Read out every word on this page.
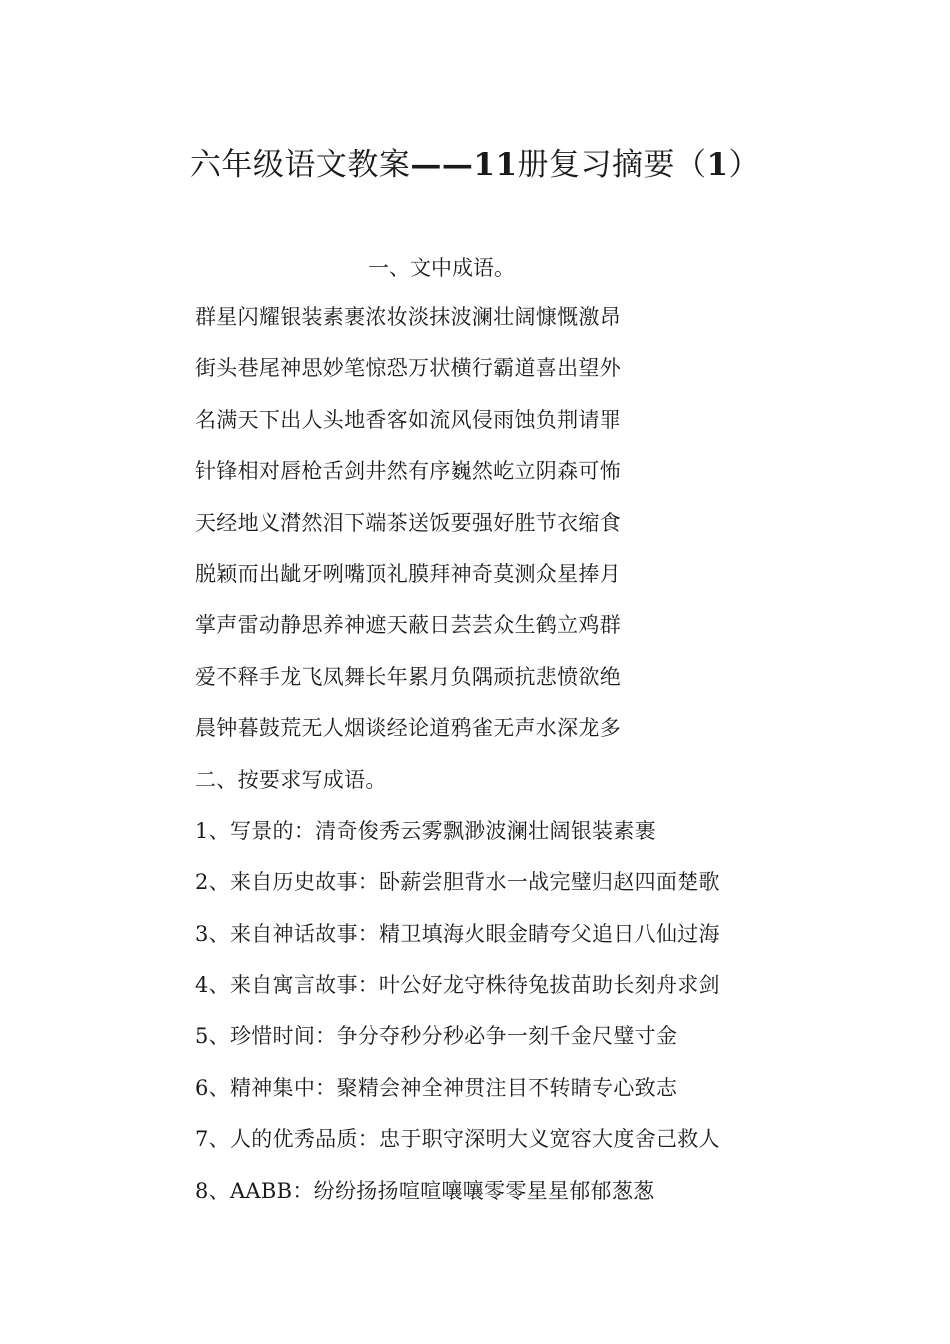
六年级语文教案——11册复习摘要（1）
一、文中成语。
群星闪耀银装素裹浓妆淡抹波澜壮阔慷慨激昂
街头巷尾神思妙笔惊恐万状横行霸道喜出望外
名满天下出人头地香客如流风侵雨蚀负荆请罪
针锋相对唇枪舌剑井然有序巍然屹立阴森可怖
天经地义潸然泪下端茶送饭要强好胜节衣缩食
脱颖而出龇牙咧嘴顶礼膜拜神奇莫测众星捧月
掌声雷动静思养神遮天蔽日芸芸众生鹤立鸡群
爱不释手龙飞凤舞长年累月负隅顽抗悲愤欲绝
晨钟暮鼓荒无人烟谈经论道鸦雀无声水深龙多
二、按要求写成语。
1、写景的：清奇俊秀云雾飘渺波澜壮阔银装素裹
2、来自历史故事：卧薪尝胆背水一战完璧归赵四面楚歌
3、来自神话故事：精卫填海火眼金睛夸父追日八仙过海
4、来自寓言故事：叶公好龙守株待兔拔苗助长刻舟求剑
5、珍惜时间：争分夺秒分秒必争一刻千金尺璧寸金
6、精神集中：聚精会神全神贯注目不转睛专心致志
7、人的优秀品质：忠于职守深明大义宽容大度舍己救人
8、AABB：纷纷扬扬喧喧嚷嚷零零星星郁郁葱葱
